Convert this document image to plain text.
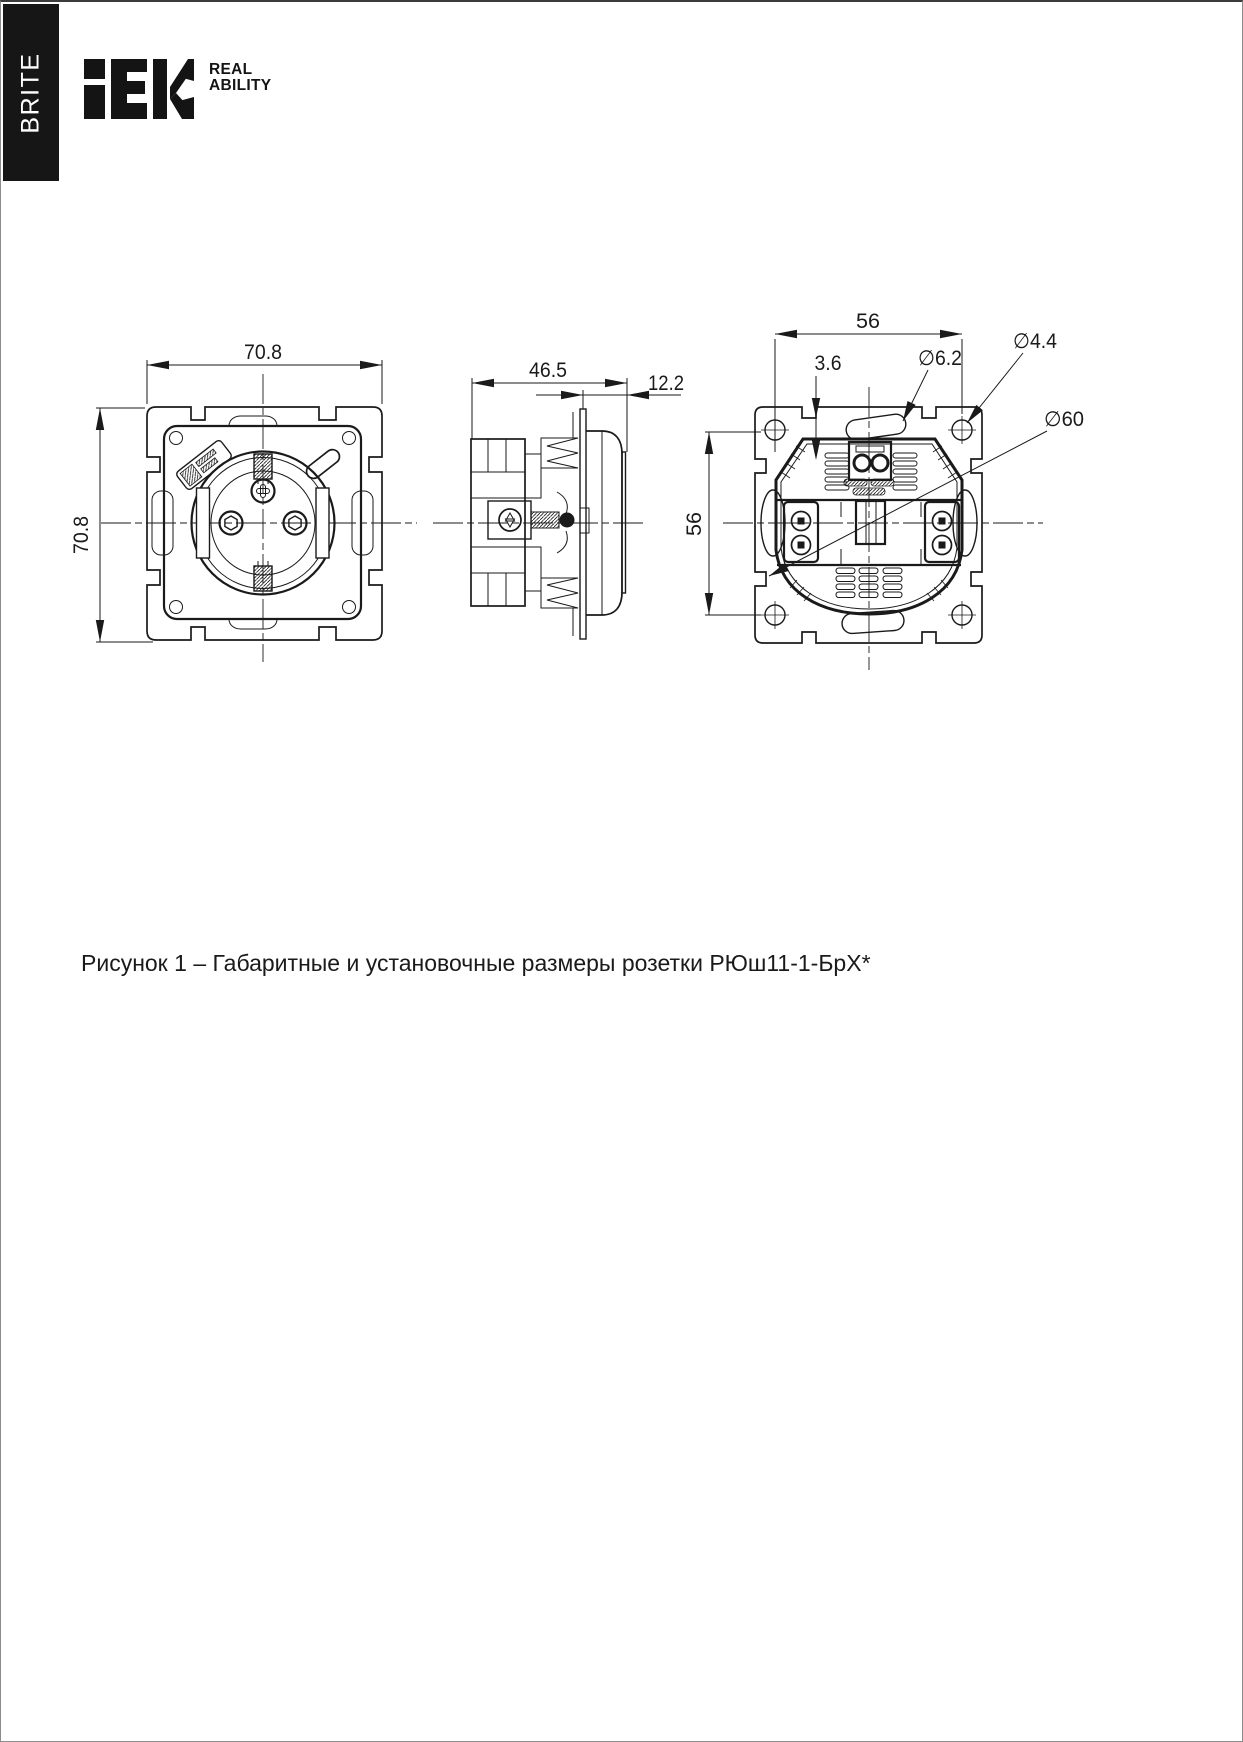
BRITE	REAL
ABILITY
70.8
70.8
46.5
12.2
56
56
3.6	∅6.2
∅4.4
∅60
Рисунок 1 – Габаритные и установочные размеры розетки РЮш11-1-БрХ*
